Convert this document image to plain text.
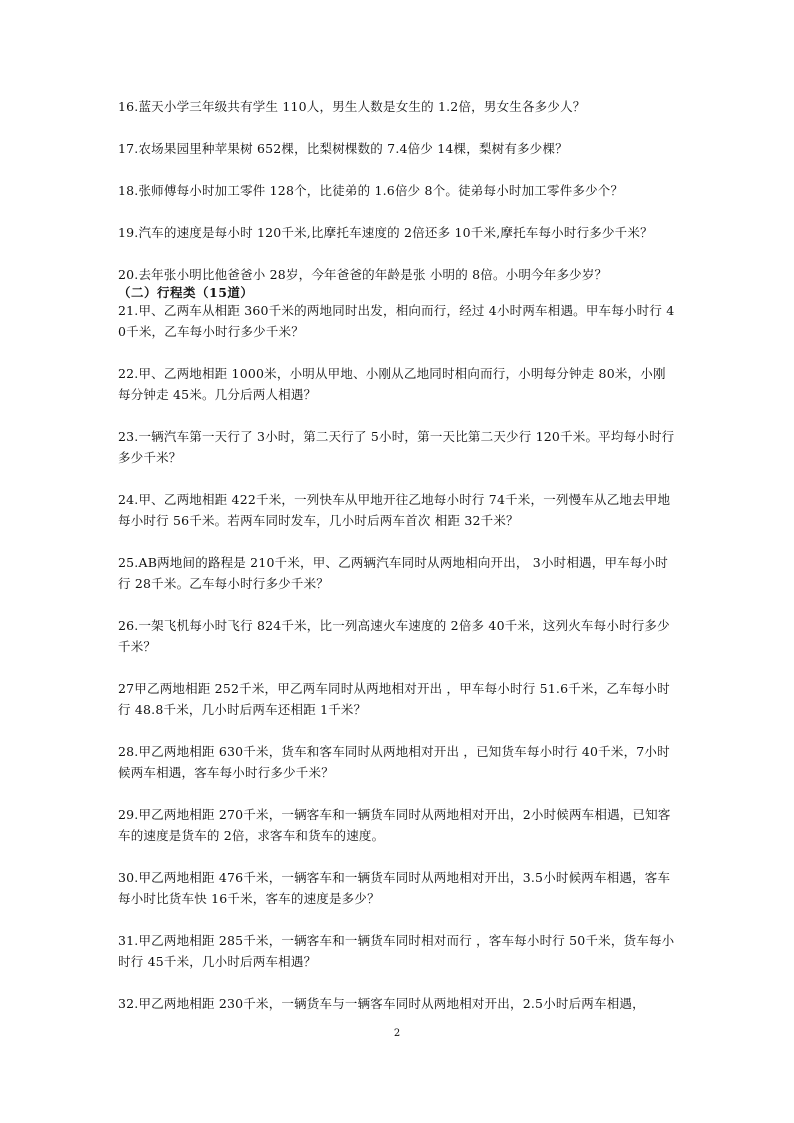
16.蓝天小学三年级共有学生 110人，男生人数是女生的 1.2倍，男女生各多少人？

17.农场果园里种苹果树 652棵，比梨树棵数的 7.4倍少 14棵，梨树有多少棵？

18.张师傅每小时加工零件 128个，比徒弟的 1.6倍少 8个。徒弟每小时加工零件多少个？

19.汽车的速度是每小时 120千米,比摩托车速度的 2倍还多 10千米,摩托车每小时行多少千米？

20.去年张小明比他爸爸小 28岁，今年爸爸的年龄是张 小明的 8倍。小明今年多少岁？

（二）行程类（15道）

21.甲、乙两车从相距 360千米的两地同时出发，相向而行，经过 4小时两车相遇。甲车每小时行 40千米，乙车每小时行多少千米？

22.甲、乙两地相距 1000米，小明从甲地、小刚从乙地同时相向而行，小明每分钟走 80米，小刚每分钟走 45米。几分后两人相遇？

23.一辆汽车第一天行了 3小时，第二天行了 5小时，第一天比第二天少行 120千米。平均每小时行多少千米？

24.甲、乙两地相距 422千米，一列快车从甲地开往乙地每小时行 74千米，一列慢车从乙地去甲地每小时行 56千米。若两车同时发车，几小时后两车首次 相距 32千米？

25.AB两地间的路程是 210千米，甲、乙两辆汽车同时从两地相向开出， 3小时相遇，甲车每小时行 28千米。乙车每小时行多少千米？

26.一架飞机每小时飞行 824千米，比一列高速火车速度的 2倍多 40千米，这列火车每小时行多少千米？

27甲乙两地相距 252千米，甲乙两车同时从两地相对开出 ，甲车每小时行 51.6千米，乙车每小时行 48.8千米，几小时后两车还相距 1千米？

28.甲乙两地相距 630千米，货车和客车同时从两地相对开出 ，已知货车每小时行 40千米，7小时候两车相遇，客车每小时行多少千米？

29.甲乙两地相距 270千米，一辆客车和一辆货车同时从两地相对开出，2小时候两车相遇，已知客车的速度是货车的 2倍，求客车和货车的速度。

30.甲乙两地相距 476千米，一辆客车和一辆货车同时从两地相对开出，3.5小时候两车相遇，客车每小时比货车快 16千米，客车的速度是多少？

31.甲乙两地相距 285千米，一辆客车和一辆货车同时相对而行 ，客车每小时行 50千米，货车每小时行 45千米，几小时后两车相遇？

32.甲乙两地相距 230千米，一辆货车与一辆客车同时从两地相对开出，2.5小时后两车相遇，

2
